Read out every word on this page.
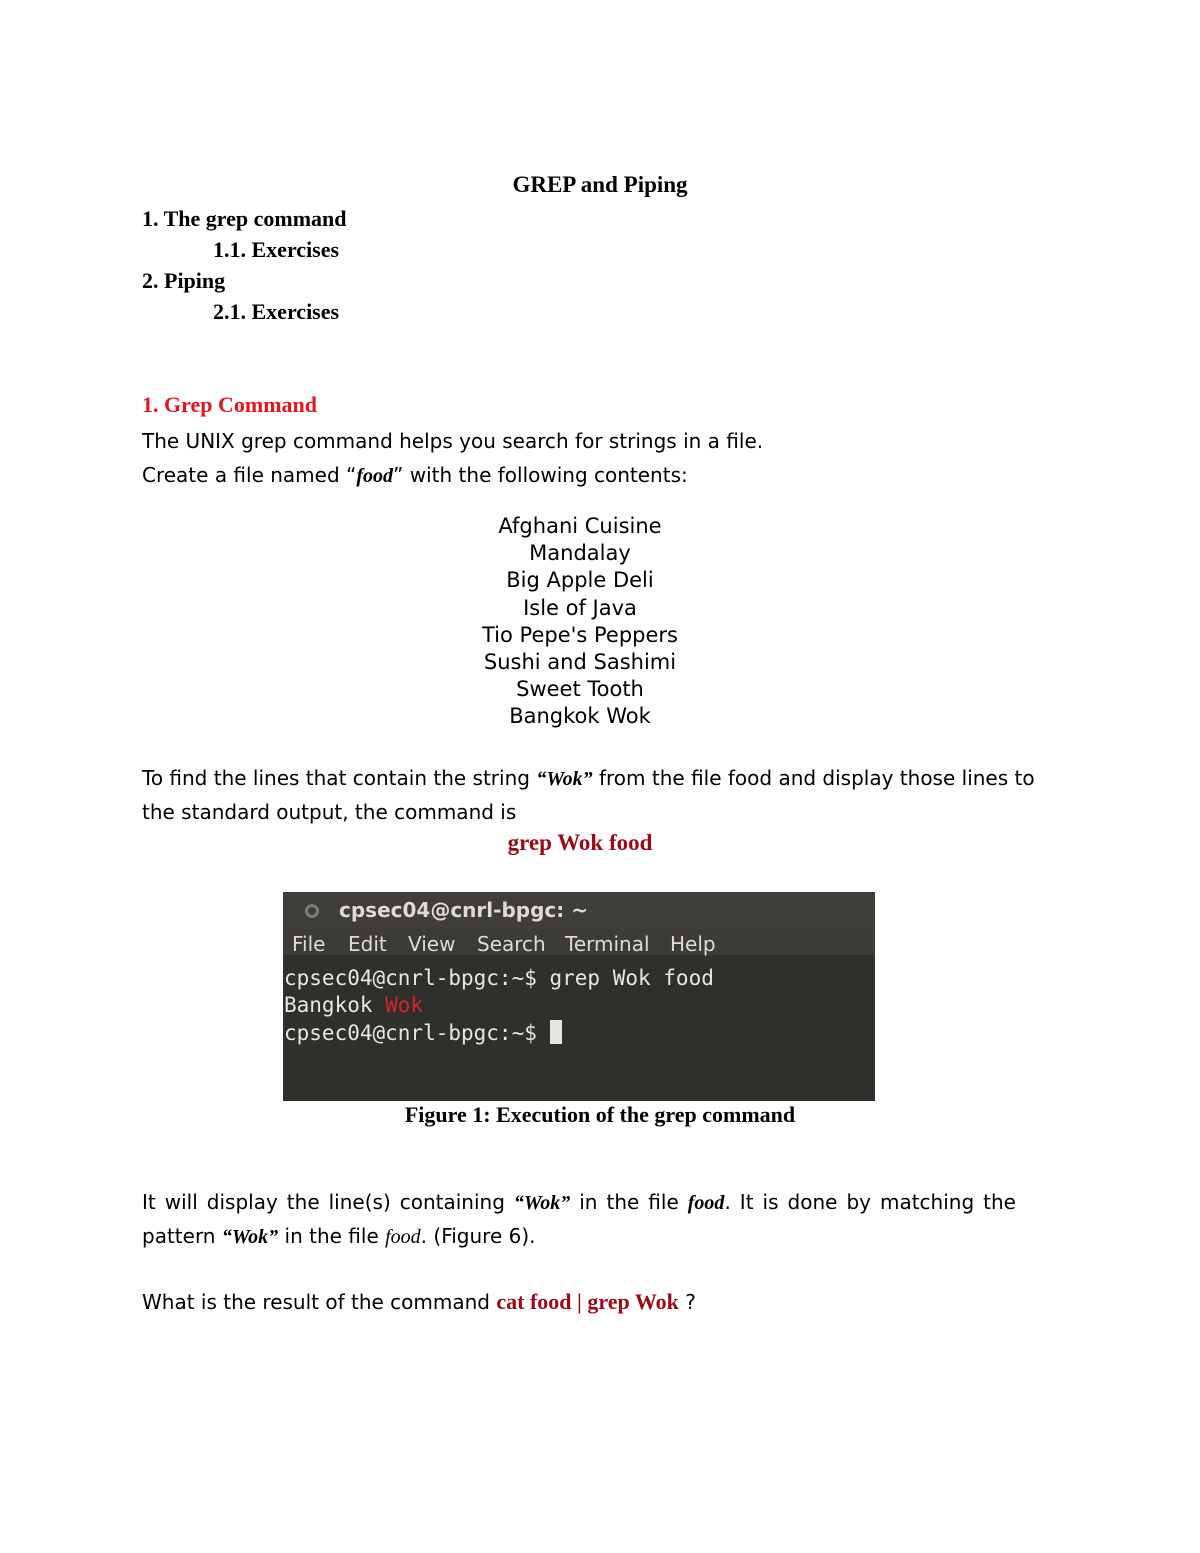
GREP and Piping
1. The grep command
1.1. Exercises
2. Piping
2.1. Exercises
1. Grep Command
The UNIX grep command helps you search for strings in a file.
Create a file named “food” with the following contents:
Afghani Cuisine
Mandalay
Big Apple Deli
Isle of Java
Tio Pepe's Peppers
Sushi and Sashimi
Sweet Tooth
Bangkok Wok
To find the lines that contain the string “Wok” from the file food and display those lines to
the standard output, the command is
grep Wok food
cpsec04@cnrl-bpgc: ~
File Edit View Search Terminal Help
cpsec04@cnrl-bpgc:~$ grep Wok food
Bangkok Wok
cpsec04@cnrl-bpgc:~$
Figure 1: Execution of the grep command
It will display the line(s) containing “Wok” in the file food. It is done by matching the
pattern “Wok” in the file food. (Figure 6).
What is the result of the command cat food | grep Wok ?
